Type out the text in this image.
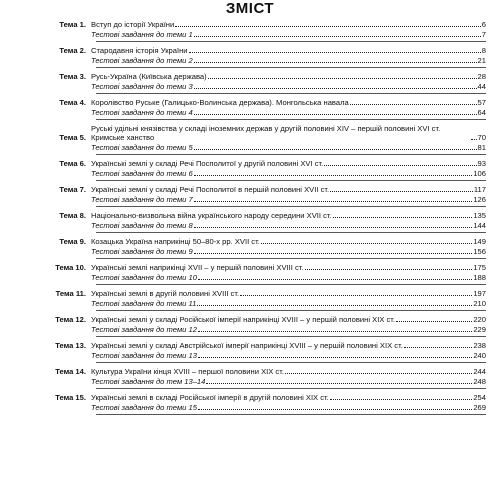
ЗМІСТ
Тема 1. Вступ до історії України	6
Тестові завдання до теми 1	7
Тема 2. Стародавня історія України	8
Тестові завдання до теми 2	21
Тема 3. Русь-Україна (Київська держава)	28
Тестові завдання до теми 3	44
Тема 4. Королівство Руське (Галицько-Волинська держава). Монгольська навала	57
Тестові завдання до теми 4	64
Тема 5.
Руські удільні князівства у складі іноземних держав у другій половині XIV – першій половині XVI ст. Кримське ханство	70
Тестові завдання до теми 5	81
Тема 6. Українські землі у складі Речі Посполитої у другій половині XVI ст.	93
Тестові завдання до теми 6	106
Тема 7. Українські землі у складі Речі Посполитої в першій половині XVII ст.	117
Тестові завдання до теми 7	126
Тема 8. Національно-визвольна війна українського народу середини XVII ст.	135
Тестові завдання до теми 8	144
Тема 9. Козацька Україна наприкінці 50–80-х рр. XVII ст.	149
Тестові завдання до теми 9	156
Тема 10. Українські землі наприкінці XVII – у першій половині XVIII ст.	175
Тестові завдання до теми 10	188
Тема 11. Українські землі в другій половині XVIII ст.	197
Тестові завдання до теми 11	210
Тема 12. Українські землі у складі Російської імперії наприкінці XVIII – у першій половині XIX ст.	220
Тестові завдання до теми 12	229
Тема 13. Українські землі у складі Австрійської імперії наприкінці XVIII – у першій половині XIX ст.	238
Тестові завдання до теми 13	240
Тема 14. Культура України кінця XVIII – першої половини XIX ст.	244
Тестові завдання до тем 13–14	248
Тема 15. Українські землі в складі Російської імперії в другій половині XIX ст.	254
Тестові завдання до теми 15	269
